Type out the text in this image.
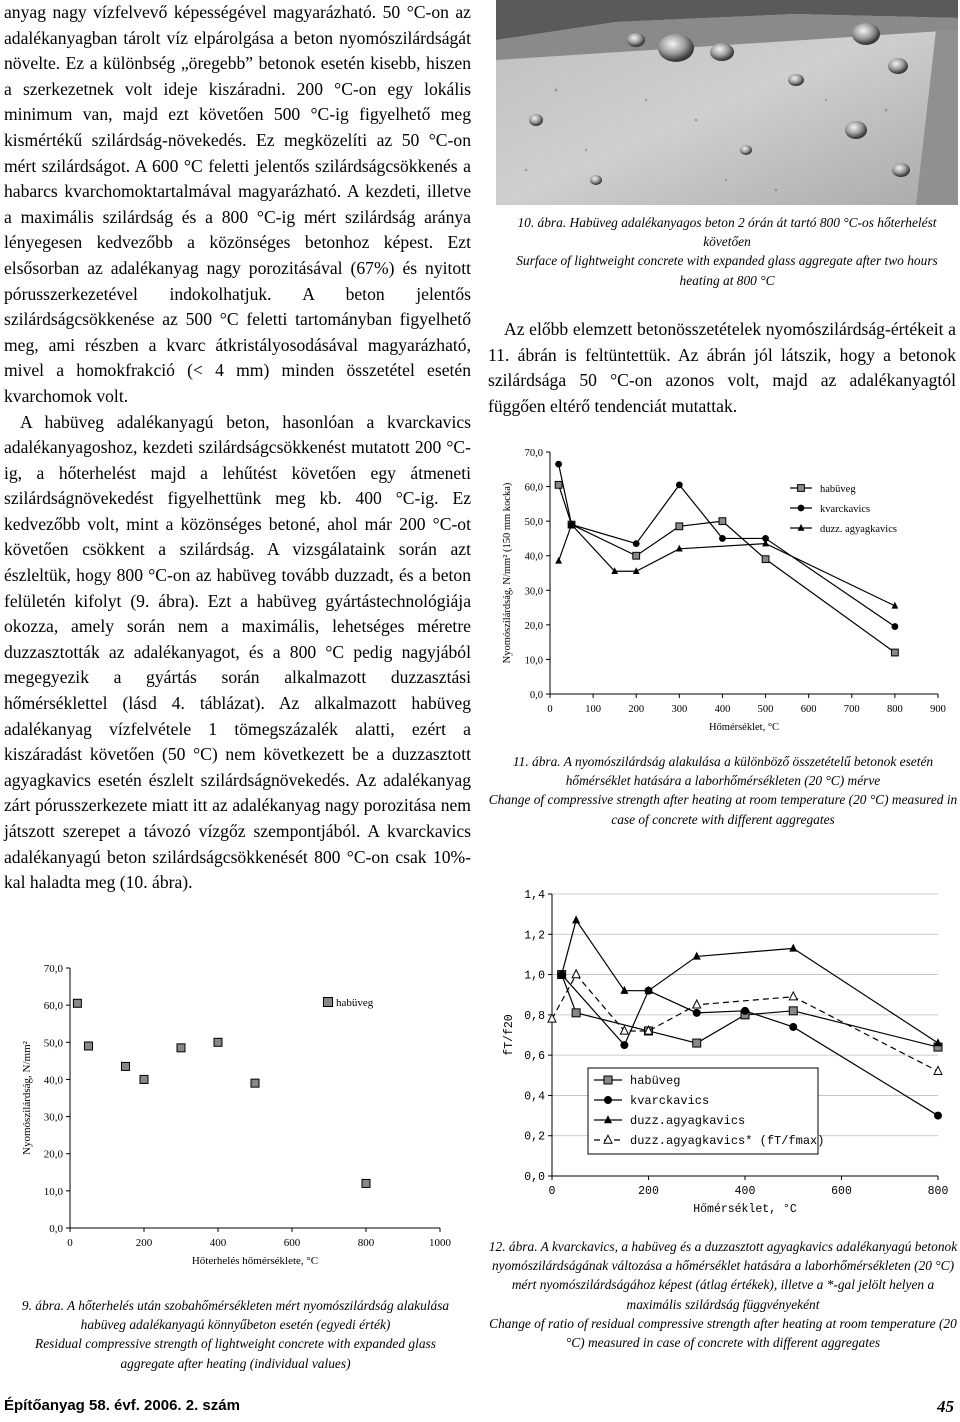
anyag nagy vízfelvevő képességével magyarázható. 50 °C-on az adalékanyagban tárolt víz elpárolgása a beton nyomószilárdságát növelte. Ez a különbség „öregebb” betonok esetén kisebb, hiszen a szerkezetnek volt ideje kiszáradni. 200 °C-on egy lokális minimum van, majd ezt követően 500 °C-ig figyelhető meg kismértékű szilárdság-növekedés. Ez megközelíti az 50 °C-on mért szilárdságot. A 600 °C feletti jelentős szilárdságcsökkenés a habarcs kvarchomoktartalmával magyarázható. A kezdeti, illetve a maximális szilárdság és a 800 °C-ig mért szilárdság aránya lényegesen kedvezőbb a közönséges betonhoz képest. Ezt elsősorban az adalékanyag nagy porozitásával (67%) és nyitott pórusszerkezetével indokolhatjuk. A beton jelentős szilárdságcsökkenése az 500 °C feletti tartományban figyelhető meg, ami részben a kvarc átkristályosodásával magyarázható, mivel a homokfrakció (< 4 mm) minden összetétel esetén kvarchomok volt.

A habüveg adalékanyagú beton, hasonlóan a kvarckavics adalékanyagoshoz, kezdeti szilárdságcsökkenést mutatott 200 °C-ig, a hőterhelést majd a lehűtést követően egy átmeneti szilárdságnövekedést figyelhettünk meg kb. 400 °C-ig. Ez kedvezőbb volt, mint a közönséges betoné, ahol már 200 °C-ot követően csökkent a szilárdság. A vizsgálataink során azt észleltük, hogy 800 °C-on az habüveg tovább duzzadt, és a beton felületén kifolyt (9. ábra). Ezt a habüveg gyártástechnológiája okozza, amely során nem a maximális, lehetséges méretre duzzasztották az adalékanyagot, és a 800 °C pedig nagyjából megegyezik a gyártás során alkalmazott duzzasztási hőmérséklettel (lásd 4. táblázat). Az alkalmazott habüveg adalékanyag vízfelvétele 1 tömegszázalék alatti, ezért a kiszáradást követően (50 °C) nem következett be a duzzasztott agyagkavics esetén észlelt szilárdságnövekedés. Az adalékanyag zárt pórusszerkezete miatt itt az adalékanyag nagy porozitása nem játszott szerepet a távozó vízgőz szempontjából. A kvarckavics adalékanyagú beton szilárdságcsökkenését 800 °C-on csak 10%-kal haladta meg (10. ábra).

10. ábra. Habüveg adalékanyagos beton 2 órán át tartó 800 °C-os hőterhelést követően

Surface of lightweight concrete with expanded glass aggregate after two hours heating at 800 °C

Az előbb elemzett betonösszetételek nyomószilárdság-értékeit a 11. ábrán is feltüntettük. Az ábrán jól látszik, hogy a betonok szilárdsága 50 °C-on azonos volt, majd az adalékanyagtól függően eltérő tendenciát mutattak.

0,0
10,0
20,0
30,0
40,0
50,0
60,0
70,0
0	100	200	300	400	500	600	700	800	900
Hőmérséklet, °C
Nyomószilárdság, N/mm² (150 mm kocka)	habüveg
kvarckavics
duzz. agyagkavics

11. ábra. A nyomószilárdság alakulása a különböző összetételű betonok esetén hőmérséklet hatására a laborhőmérsékleten (20 °C) mérve

Change of compressive strength after heating at room temperature (20 °C) measured in case of concrete with different aggregates

0,0
10,0
20,0
30,0
40,0
50,0
60,0
70,0
0	200	400	600	800	1000
Hőterhelés hőmérséklete, °C
Nyomószilárdság, N/mm²
habüveg

9. ábra. A hőterhelés után szobahőmérsékleten mért nyomószilárdság alakulása habüveg adalékanyagú könnyűbeton esetén (egyedi érték)

Residual compressive strength of lightweight concrete with expanded glass aggregate after heating (individual values)

0,0
0,2
0,4
0,6
0,8
1,0
1,2
1,4
0	200	400	600	800
Hőmérséklet, °C
fT/f20
habüveg
kvarckavics
duzz.agyagkavics
duzz.agyagkavics* (fT/fmax)

12. ábra. A kvarckavics, a habüveg és a duzzasztott agyagkavics adalékanyagú betonok nyomószilárdságának változása a hőmérséklet hatására a laborhőmérsékleten (20 °C) mért nyomószilárdságához képest (átlag értékek), illetve a *-gal jelölt helyen a maximális szilárdság függvényeként

Change of ratio of residual compressive strength after heating at room temperature (20 °C) measured in case of concrete with different aggregates

Építőanyag 58. évf. 2006. 2. szám	45
